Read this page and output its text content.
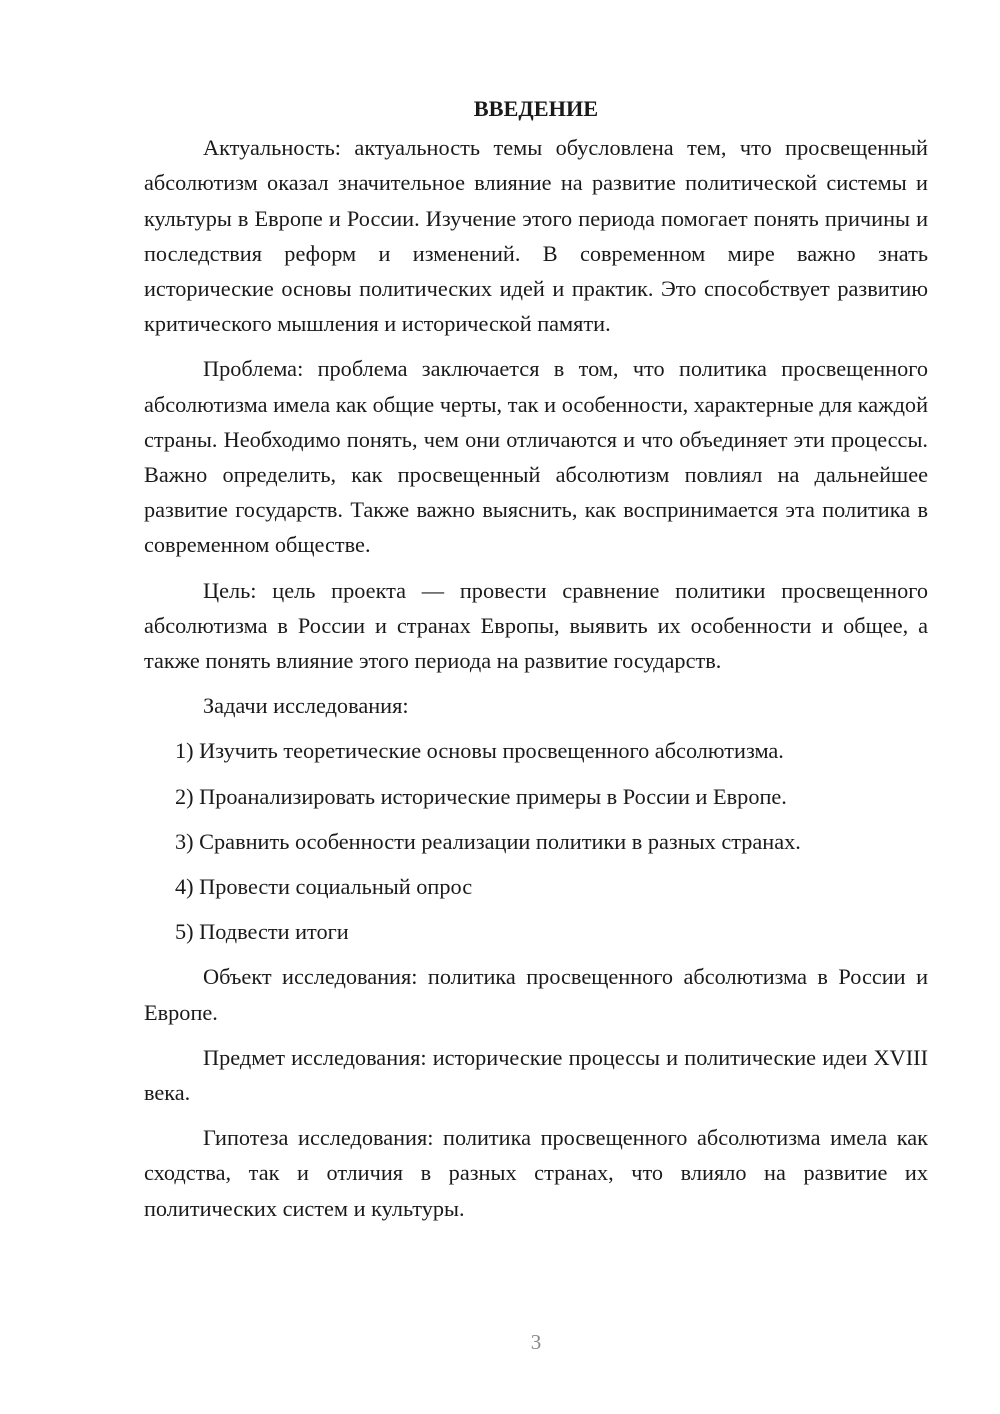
ВВЕДЕНИЕ

Актуальность: актуальность темы обусловлена тем, что просвещенный абсолютизм оказал значительное влияние на развитие политической системы и культуры в Европе и России. Изучение этого периода помогает понять причины и последствия реформ и изменений. В современном мире важно знать исторические основы политических идей и практик. Это способствует развитию критического мышления и исторической памяти.

Проблема: проблема заключается в том, что политика просвещенного абсолютизма имела как общие черты, так и особенности, характерные для каждой страны. Необходимо понять, чем они отличаются и что объединяет эти процессы. Важно определить, как просвещенный абсолютизм повлиял на дальнейшее развитие государств. Также важно выяснить, как воспринимается эта политика в современном обществе.

Цель: цель проекта — провести сравнение политики просвещенного абсолютизма в России и странах Европы, выявить их особенности и общее, а также понять влияние этого периода на развитие государств.

Задачи исследования:
1) Изучить теоретические основы просвещенного абсолютизма.
2) Проанализировать исторические примеры в России и Европе.
3) Сравнить особенности реализации политики в разных странах.
4) Провести социальный опрос
5) Подвести итоги

Объект исследования: политика просвещенного абсолютизма в России и Европе.

Предмет исследования: исторические процессы и политические идеи XVIII века.

Гипотеза исследования: политика просвещенного абсолютизма имела как сходства, так и отличия в разных странах, что влияло на развитие их политических систем и культуры.

3
